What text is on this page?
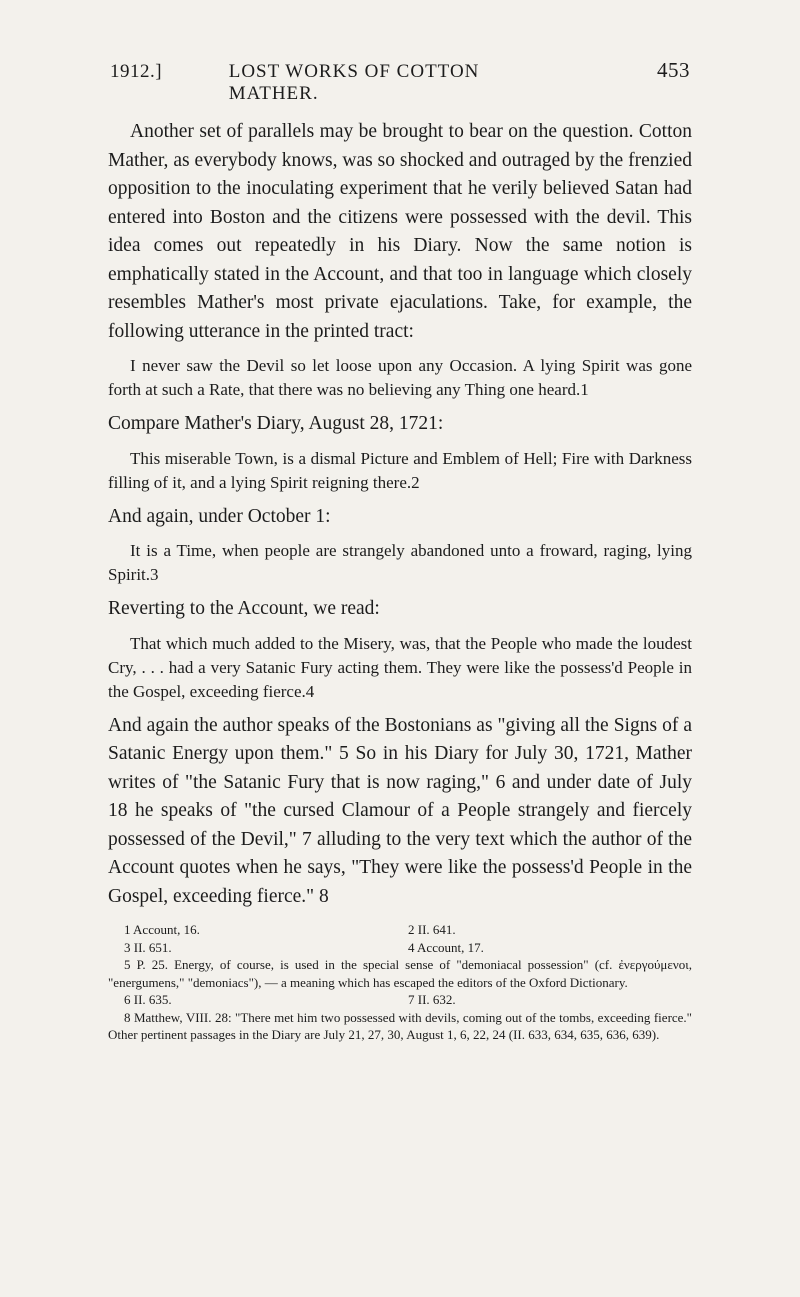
1912.]	LOST WORKS OF COTTON MATHER.
453

Another set of parallels may be brought to bear on the question. Cotton Mather, as everybody knows, was so shocked and outraged by the frenzied opposition to the inoculating experiment that he verily believed Satan had entered into Boston and the citizens were possessed with the devil. This idea comes out repeatedly in his Diary. Now the same notion is emphatically stated in the Account, and that too in language which closely resembles Mather's most private ejaculations. Take, for example, the following utterance in the printed tract:

I never saw the Devil so let loose upon any Occasion. A lying Spirit was gone forth at such a Rate, that there was no believing any Thing one heard.1

Compare Mather's Diary, August 28, 1721:

This miserable Town, is a dismal Picture and Emblem of Hell; Fire with Darkness filling of it, and a lying Spirit reigning there.2

And again, under October 1:

It is a Time, when people are strangely abandoned unto a froward, raging, lying Spirit.3

Reverting to the Account, we read:

That which much added to the Misery, was, that the People who made the loudest Cry, . . . had a very Satanic Fury acting them. They were like the possess'd People in the Gospel, exceeding fierce.4

And again the author speaks of the Bostonians as "giving all the Signs of a Satanic Energy upon them." 5 So in his Diary for July 30, 1721, Mather writes of "the Satanic Fury that is now raging," 6 and under date of July 18 he speaks of "the cursed Clamour of a People strangely and fiercely possessed of the Devil," 7 alluding to the very text which the author of the Account quotes when he says, "They were like the possess'd People in the Gospel, exceeding fierce." 8

1 Account, 16.	2 II. 641.
3 II. 651.	4 Account, 17.
5 P. 25. Energy, of course, is used in the special sense of "demoniacal possession" (cf. ἐνεργούμενοι, "energumens," "demoniacs"), — a meaning which has escaped the editors of the Oxford Dictionary.
6 II. 635.	7 II. 632.
8 Matthew, VIII. 28: "There met him two possessed with devils, coming out of the tombs, exceeding fierce." Other pertinent passages in the Diary are July 21, 27, 30, August 1, 6, 22, 24 (II. 633, 634, 635, 636, 639).
